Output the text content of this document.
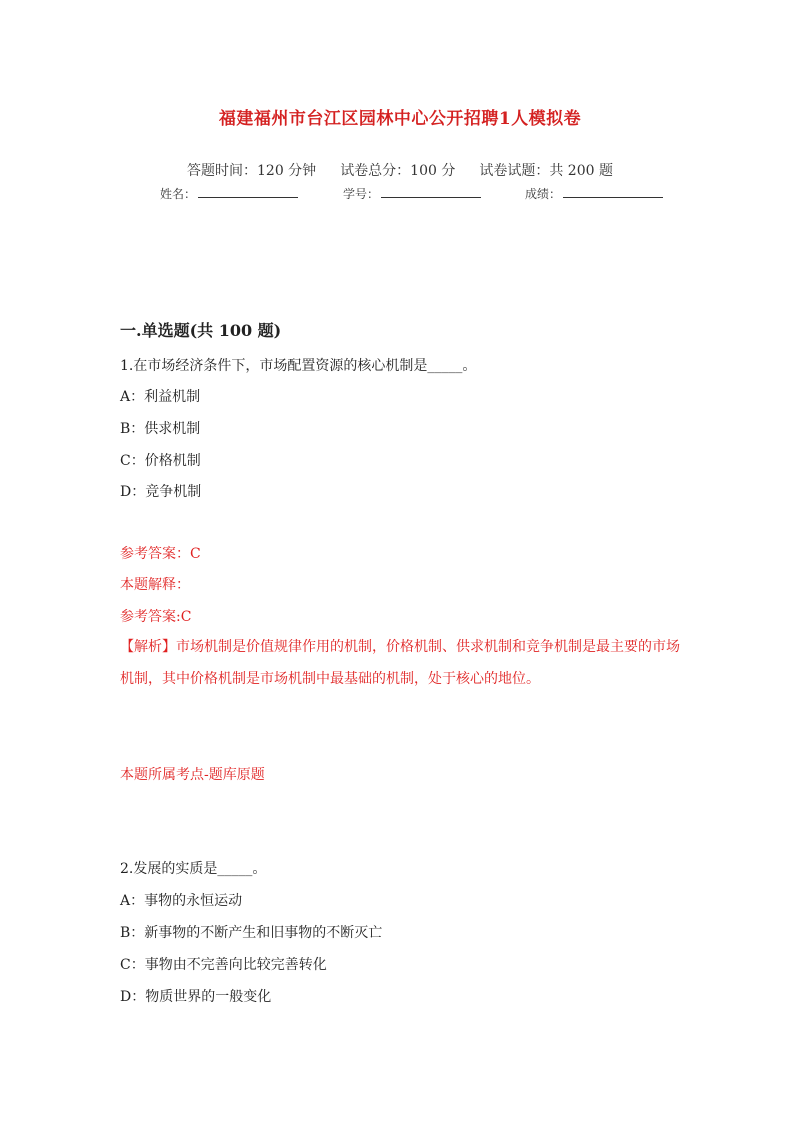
福建福州市台江区园林中心公开招聘1人模拟卷
答题时间：120 分钟 试卷总分：100 分 试卷试题：共 200 题
姓名：	学号：	成绩：
一.单选题(共 100 题)
1.在市场经济条件下，市场配置资源的核心机制是_____。
A：利益机制
B：供求机制
C：价格机制
D：竞争机制
参考答案：C
本题解释：
参考答案:C
【解析】市场机制是价值规律作用的机制，价格机制、供求机制和竞争机制是最主要的市场机制，其中价格机制是市场机制中最基础的机制，处于核心的地位。
本题所属考点-题库原题
2.发展的实质是_____。
A：事物的永恒运动
B：新事物的不断产生和旧事物的不断灭亡
C：事物由不完善向比较完善转化
D：物质世界的一般变化
